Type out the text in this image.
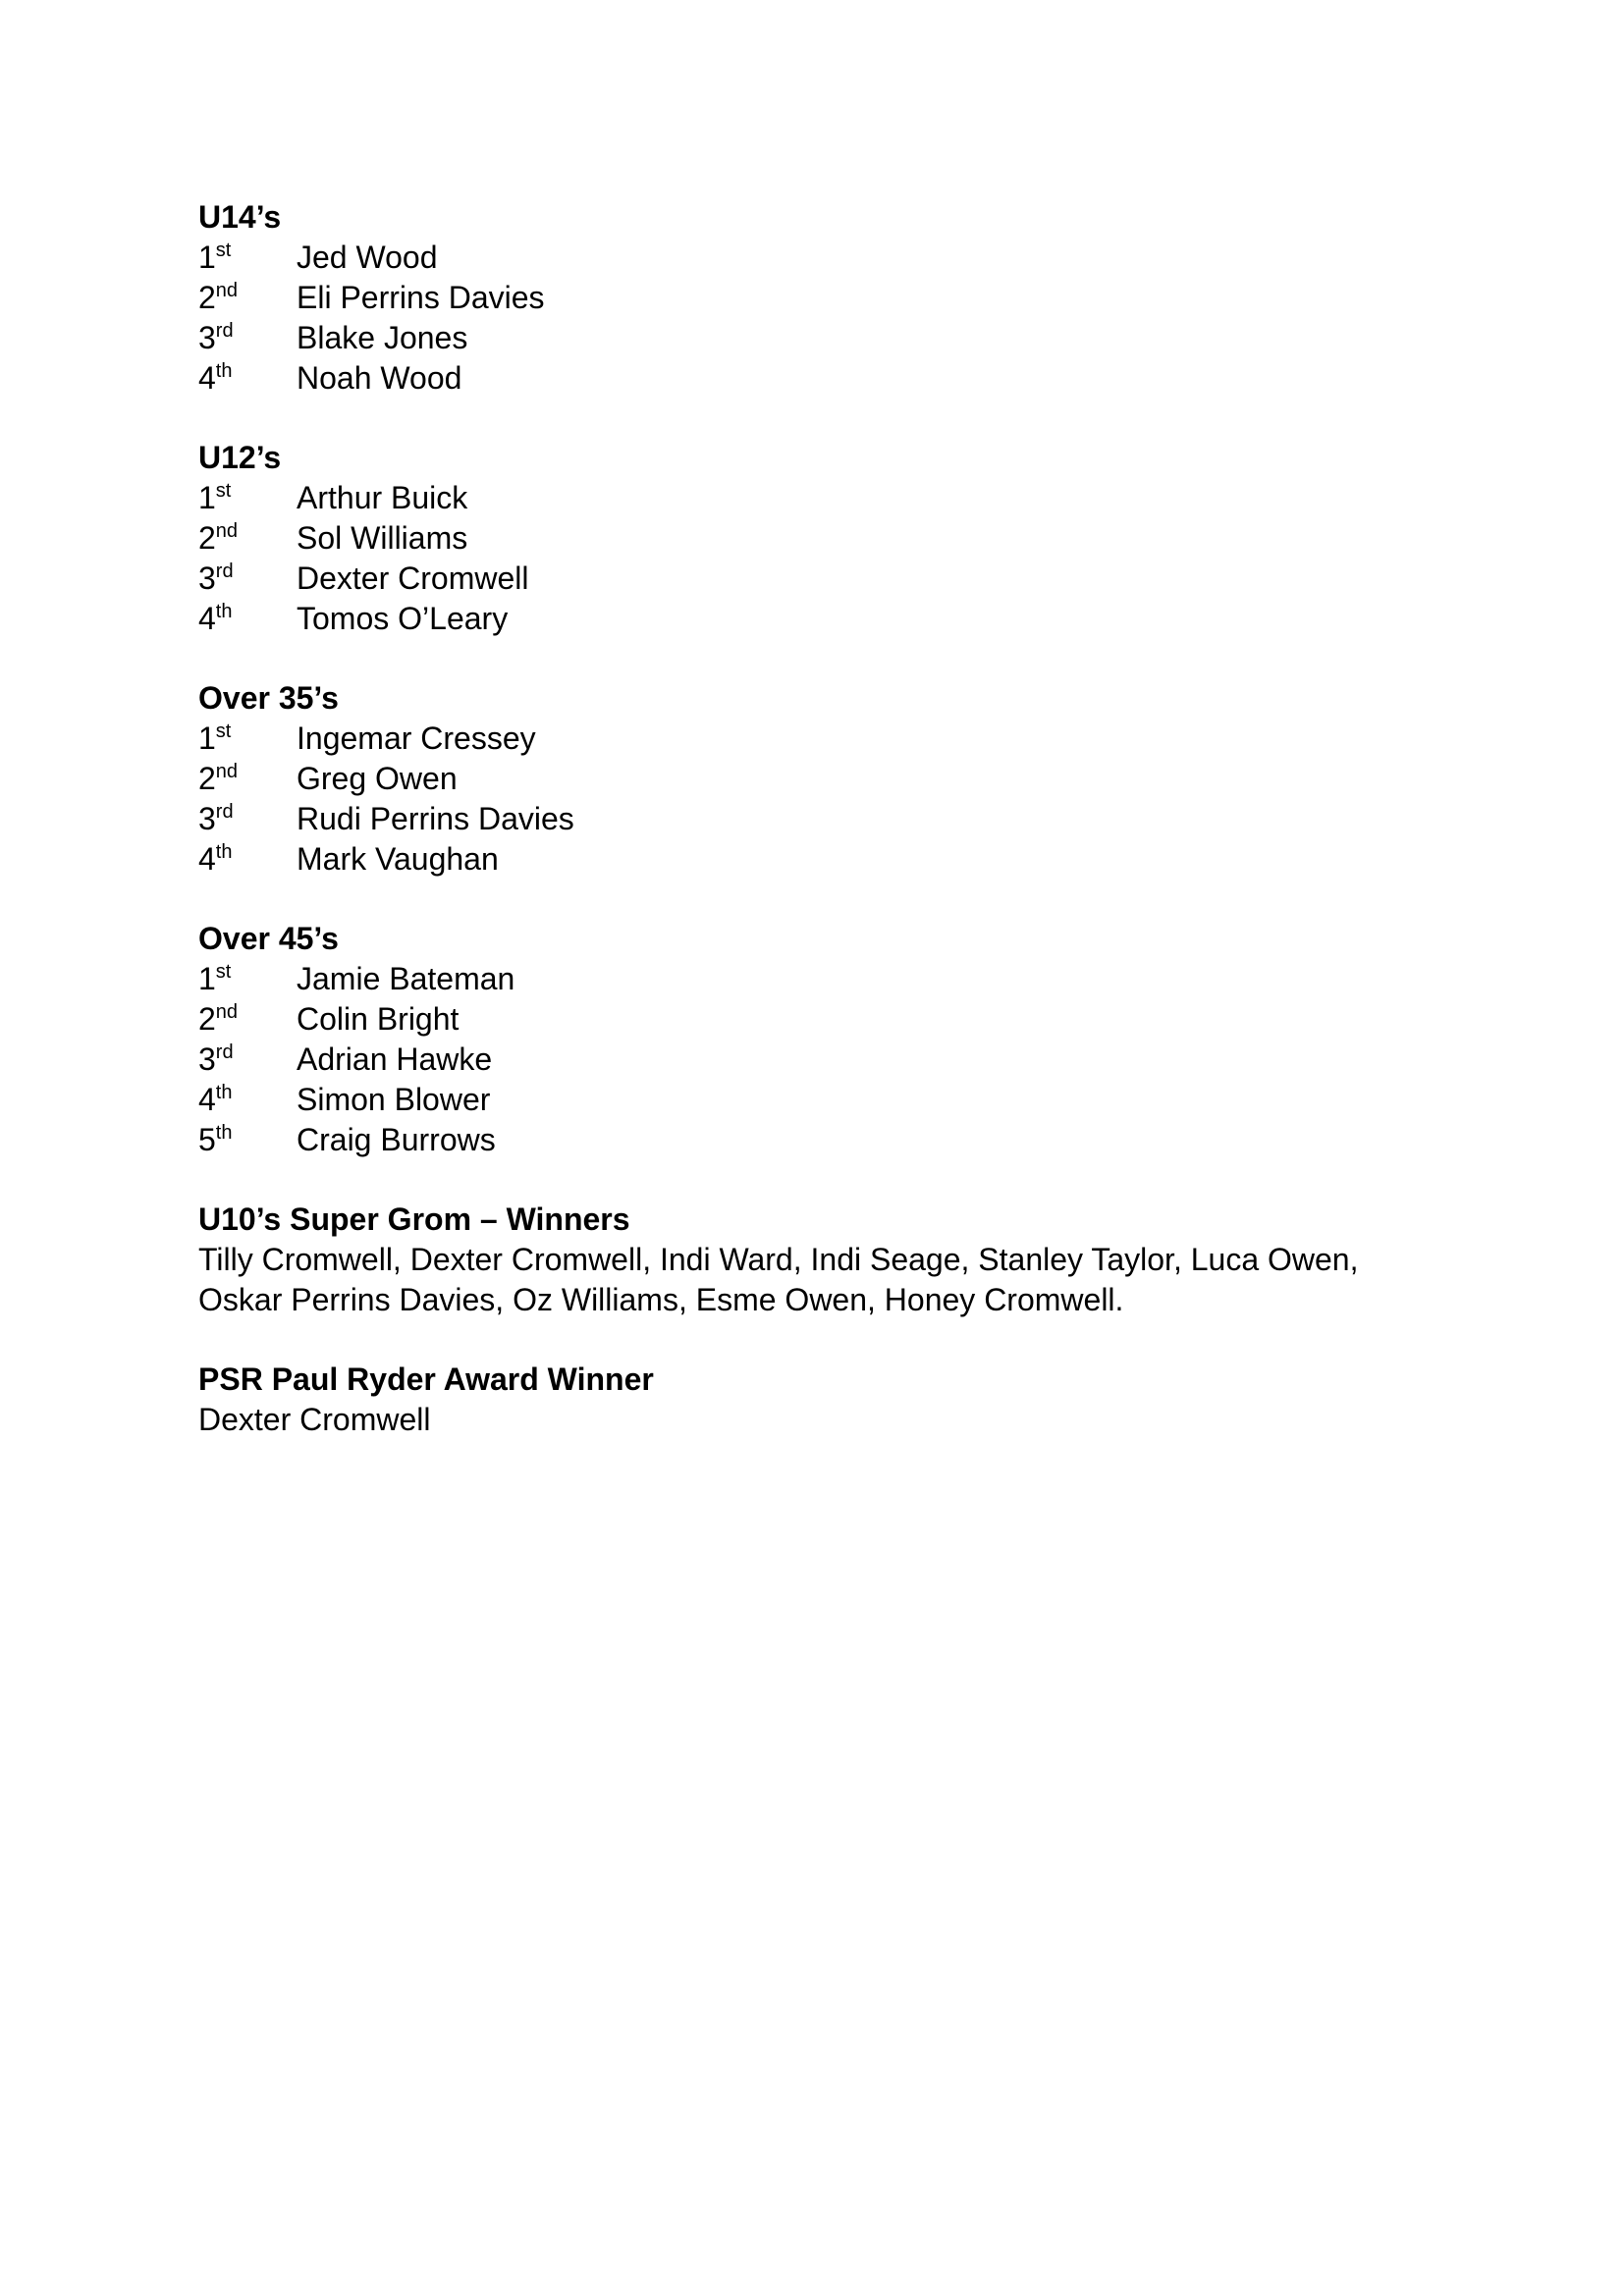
U14’s
1st	Jed Wood
2nd	Eli Perrins Davies
3rd	Blake Jones
4th	Noah Wood
U12’s
1st	Arthur Buick
2nd	Sol Williams
3rd	Dexter Cromwell
4th	Tomos O’Leary
Over 35’s
1st	Ingemar Cressey
2nd	Greg Owen
3rd	Rudi Perrins Davies
4th	Mark Vaughan
Over 45’s
1st	Jamie Bateman
2nd	Colin Bright
3rd	Adrian Hawke
4th	Simon Blower
5th	Craig Burrows
U10’s Super Grom – Winners
Tilly Cromwell, Dexter Cromwell, Indi Ward, Indi Seage, Stanley Taylor, Luca Owen, Oskar Perrins Davies, Oz Williams, Esme Owen, Honey Cromwell.
PSR Paul Ryder Award Winner
Dexter Cromwell
